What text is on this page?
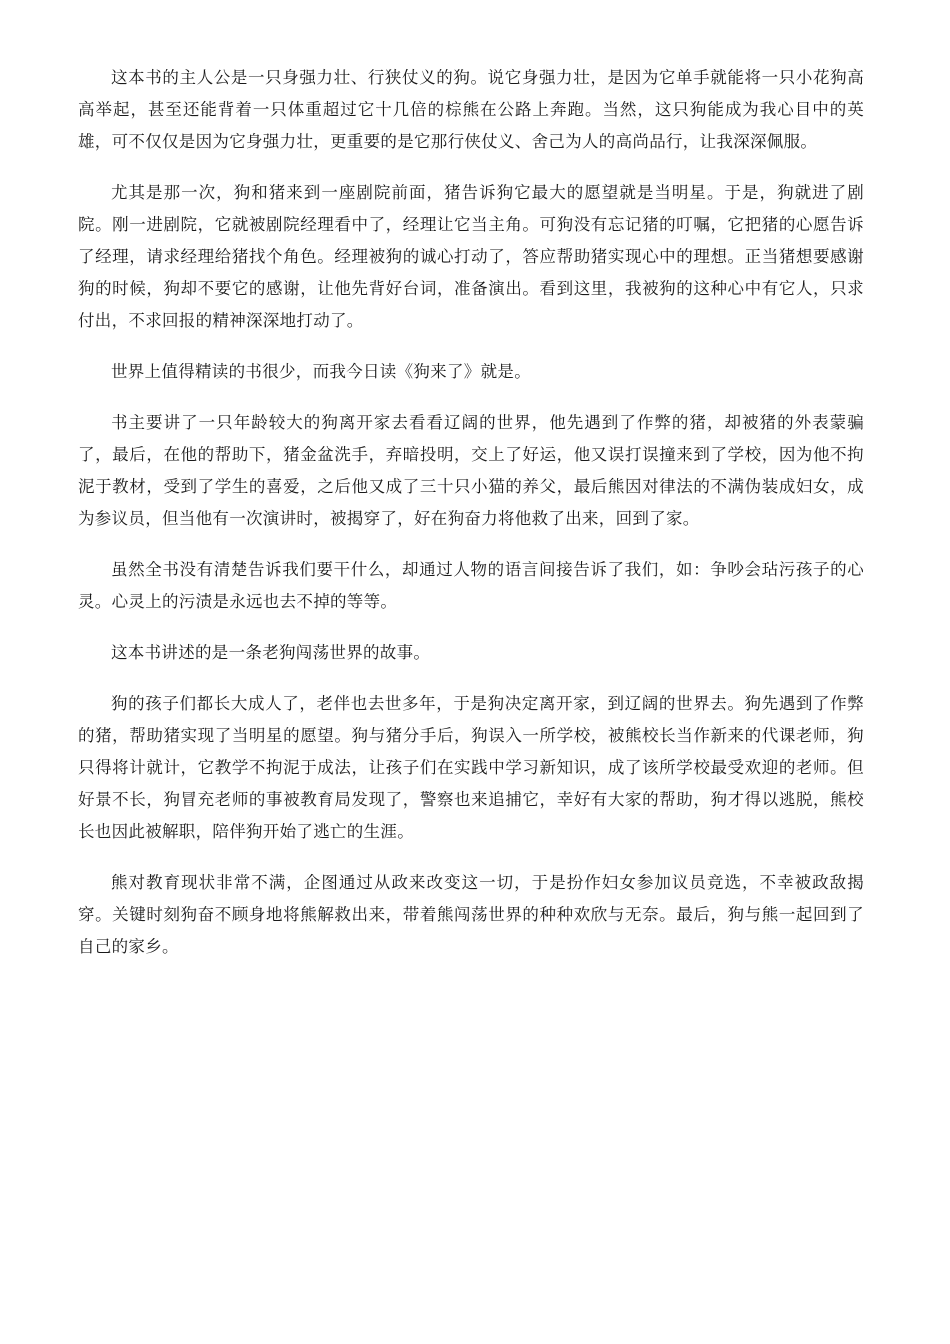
这本书的主人公是一只身强力壮、行狭仗义的狗。说它身强力壮，是因为它单手就能将一只小花狗高高举起，甚至还能背着一只体重超过它十几倍的棕熊在公路上奔跑。当然，这只狗能成为我心目中的英雄，可不仅仅是因为它身强力壮，更重要的是它那行侠仗义、舍己为人的高尚品行，让我深深佩服。

尤其是那一次，狗和猪来到一座剧院前面，猪告诉狗它最大的愿望就是当明星。于是，狗就进了剧院。刚一进剧院，它就被剧院经理看中了，经理让它当主角。可狗没有忘记猪的叮嘱，它把猪的心愿告诉了经理，请求经理给猪找个角色。经理被狗的诚心打动了，答应帮助猪实现心中的理想。正当猪想要感谢狗的时候，狗却不要它的感谢，让他先背好台词，准备演出。看到这里，我被狗的这种心中有它人，只求付出，不求回报的精神深深地打动了。

世界上值得精读的书很少，而我今日读《狗来了》就是。

书主要讲了一只年龄较大的狗离开家去看看辽阔的世界，他先遇到了作弊的猪，却被猪的外表蒙骗了，最后，在他的帮助下，猪金盆洗手，弃暗投明，交上了好运，他又误打误撞来到了学校，因为他不拘泥于教材，受到了学生的喜爱，之后他又成了三十只小猫的养父，最后熊因对律法的不满伪装成妇女，成为参议员，但当他有一次演讲时，被揭穿了，好在狗奋力将他救了出来，回到了家。

虽然全书没有清楚告诉我们要干什么，却通过人物的语言间接告诉了我们，如：争吵会玷污孩子的心灵。心灵上的污渍是永远也去不掉的等等。

这本书讲述的是一条老狗闯荡世界的故事。

狗的孩子们都长大成人了，老伴也去世多年，于是狗决定离开家，到辽阔的世界去。狗先遇到了作弊的猪，帮助猪实现了当明星的愿望。狗与猪分手后，狗误入一所学校，被熊校长当作新来的代课老师，狗只得将计就计，它教学不拘泥于成法，让孩子们在实践中学习新知识，成了该所学校最受欢迎的老师。但好景不长，狗冒充老师的事被教育局发现了，警察也来追捕它，幸好有大家的帮助，狗才得以逃脱，熊校长也因此被解职，陪伴狗开始了逃亡的生涯。

熊对教育现状非常不满，企图通过从政来改变这一切，于是扮作妇女参加议员竞选，不幸被政敌揭穿。关键时刻狗奋不顾身地将熊解救出来，带着熊闯荡世界的种种欢欣与无奈。最后，狗与熊一起回到了自己的家乡。
